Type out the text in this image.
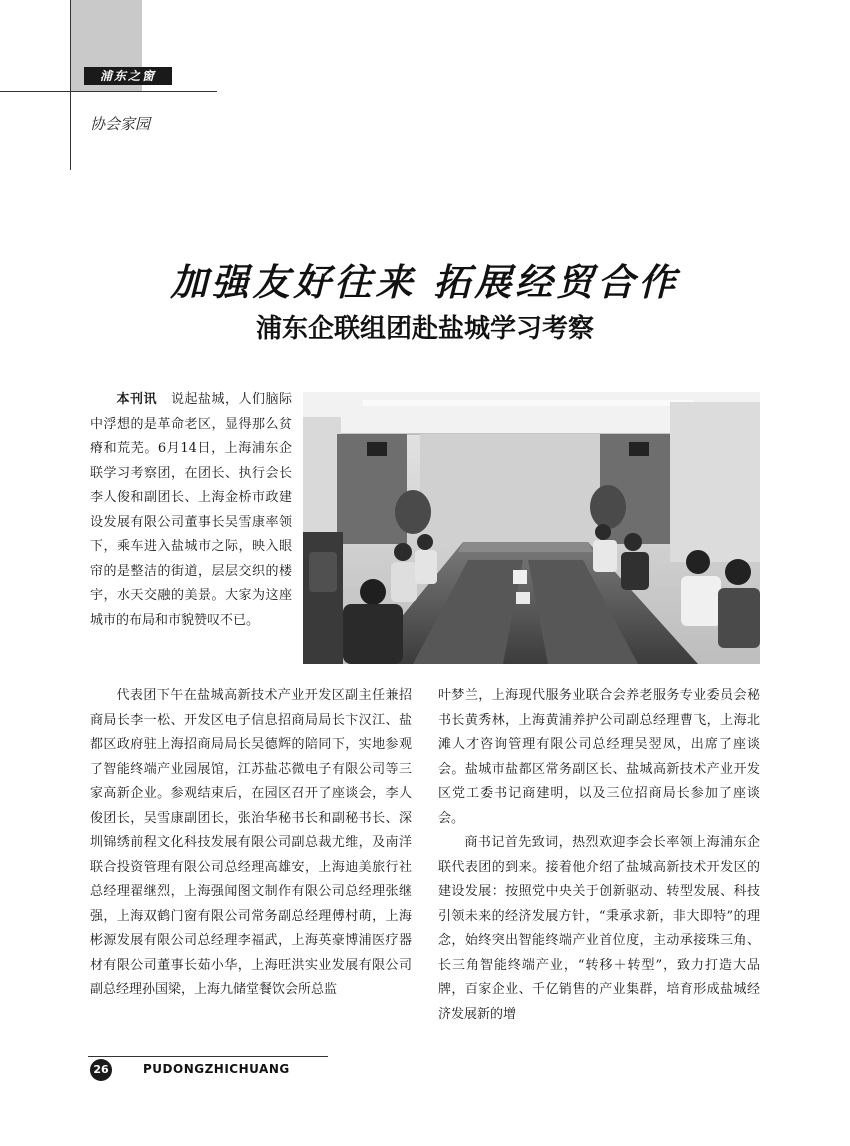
浦东之窗
协会家园
加强友好往来 拓展经贸合作
浦东企联组团赴盐城学习考察

本刊讯 说起盐城，人们脑际中浮想的是革命老区，显得那么贫瘠和荒芜。6月14日，上海浦东企联学习考察团，在团长、执行会长李人俊和副团长、上海金桥市政建设发展有限公司董事长吴雪康率领下，乘车进入盐城市之际，映入眼帘的是整洁的街道，层层交织的楼宇，水天交融的美景。大家为这座城市的布局和市貌赞叹不已。

代表团下午在盐城高新技术产业开发区副主任兼招商局长李一松、开发区电子信息招商局局长卞汉江、盐都区政府驻上海招商局局长吴德辉的陪同下，实地参观了智能终端产业园展馆，江苏盐芯微电子有限公司等三家高新企业。参观结束后，在园区召开了座谈会，李人俊团长，吴雪康副团长，张治华秘书长和副秘书长、深圳锦绣前程文化科技发展有限公司副总裁尤维，及南洋联合投资管理有限公司总经理高雄安，上海迪美旅行社总经理翟继烈，上海强闻图文制作有限公司总经理张继强，上海双鹤门窗有限公司常务副总经理傅村萌，上海彬源发展有限公司总经理李福武，上海英豪博浦医疗器材有限公司董事长茹小华，上海旺洪实业发展有限公司副总经理孙国梁，上海九储堂餐饮会所总监

叶梦兰，上海现代服务业联合会养老服务专业委员会秘书长黄秀林，上海黄浦养护公司副总经理曹飞，上海北滩人才咨询管理有限公司总经理吴翌凤，出席了座谈会。盐城市盐都区常务副区长、盐城高新技术产业开发区党工委书记商建明，以及三位招商局长参加了座谈会。

商书记首先致词，热烈欢迎李会长率领上海浦东企联代表团的到来。接着他介绍了盐城高新技术开发区的建设发展：按照党中央关于创新驱动、转型发展、科技引领未来的经济发展方针，“秉承求新，非大即特”的理念，始终突出智能终端产业首位度，主动承接珠三角、长三角智能终端产业，“转移＋转型”，致力打造大品牌，百家企业、千亿销售的产业集群，培育形成盐城经济发展新的增

26	PUDONGZHICHUANG
